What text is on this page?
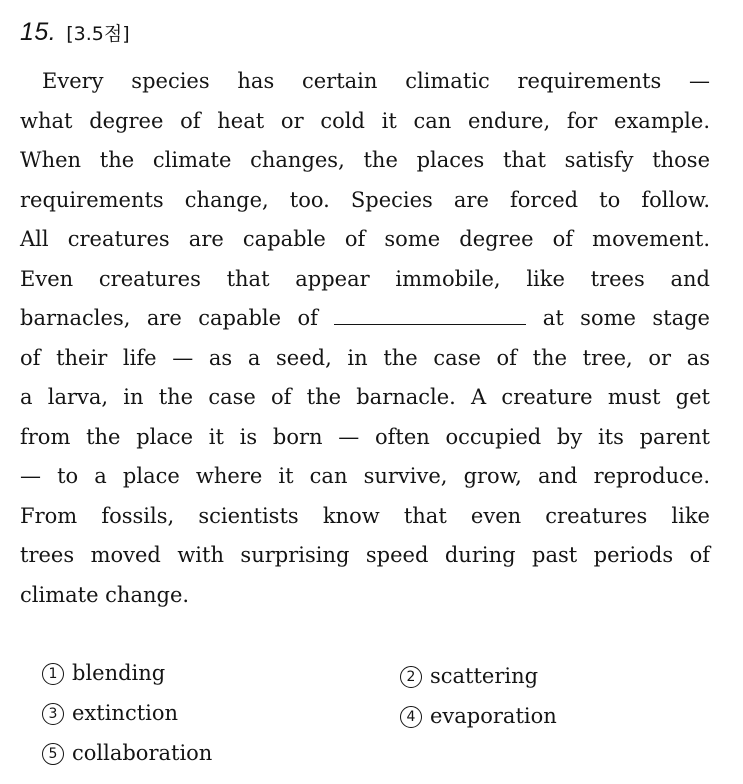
15. [3.5점]
Every species has certain climatic requirements —
what degree of heat or cold it can endure, for example.
When the climate changes, the places that satisfy those
requirements change, too. Species are forced to follow.
All creatures are capable of some degree of movement.
Even creatures that appear immobile, like trees and
barnacles, are capable of	at some stage
of their life — as a seed, in the case of the tree, or as
a larva, in the case of the barnacle. A creature must get
from the place it is born — often occupied by its parent
— to a place where it can survive, grow, and reproduce.
From fossils, scientists know that even creatures like
trees moved with surprising speed during past periods of
climate change.
1 blending	2 scattering
3 extinction	4 evaporation
5 collaboration
